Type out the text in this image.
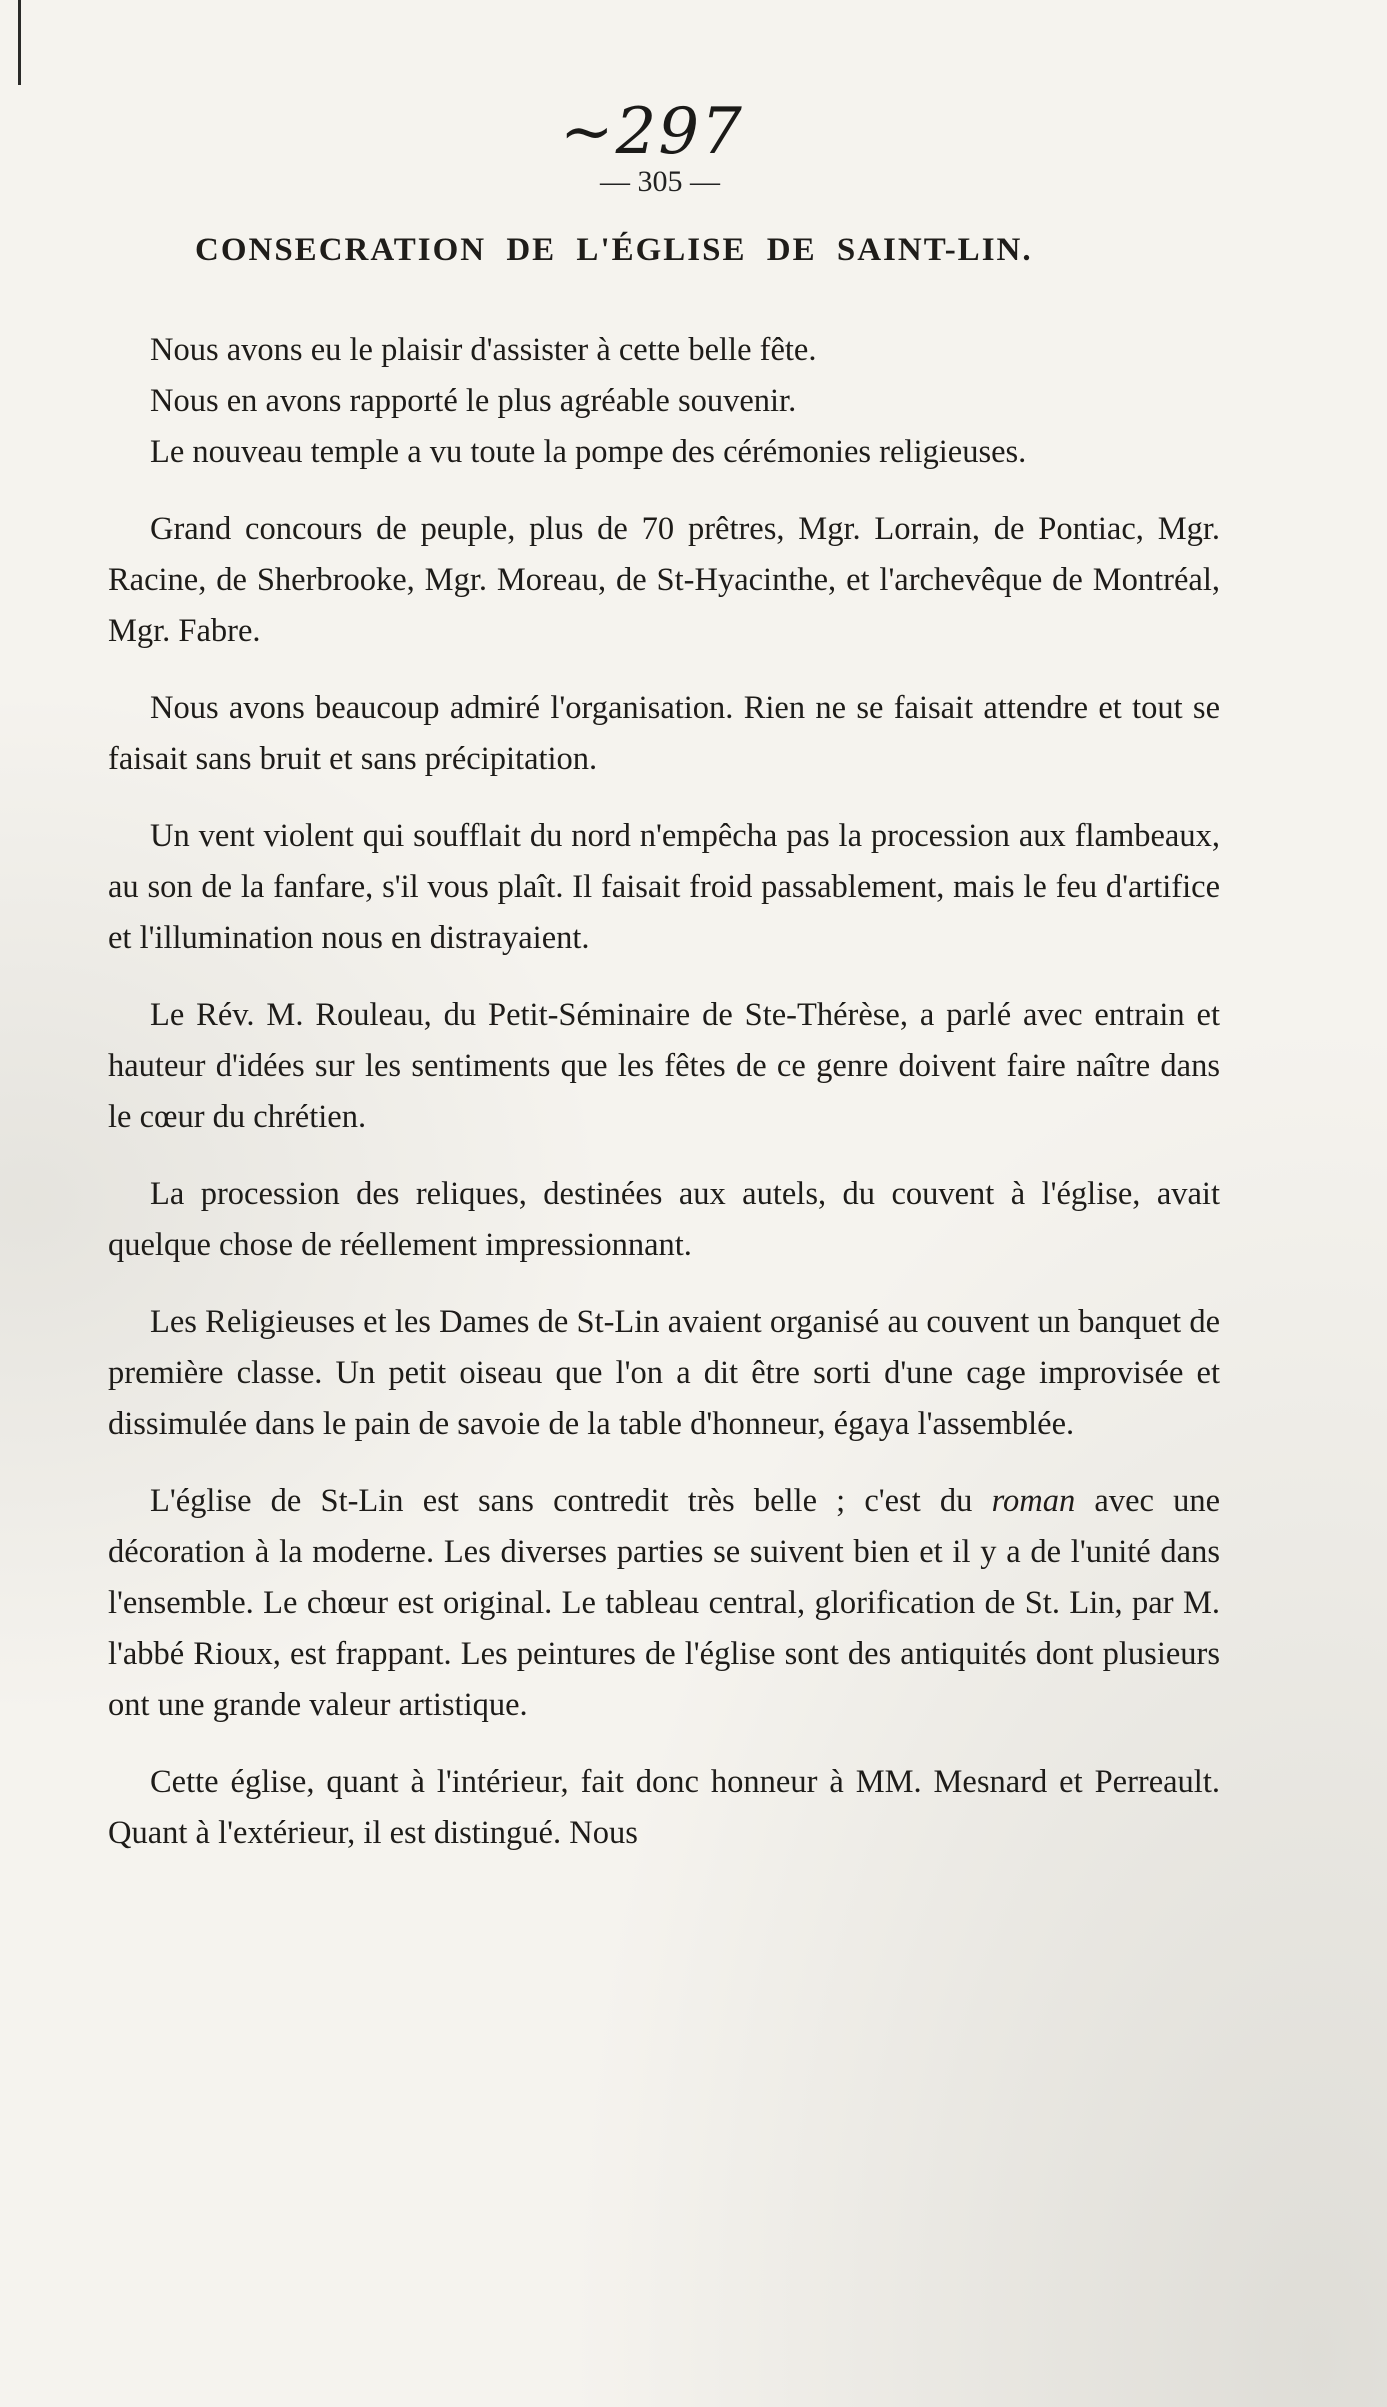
~297
— 305 —
CONSECRATION DE L'ÉGLISE DE SAINT-LIN.

Nous avons eu le plaisir d'assister à cette belle fête.

Nous en avons rapporté le plus agréable souvenir.

Le nouveau temple a vu toute la pompe des cérémonies religieuses.

Grand concours de peuple, plus de 70 prêtres, Mgr. Lorrain, de Pontiac, Mgr. Racine, de Sherbrooke, Mgr. Moreau, de St-Hyacinthe, et l'archevêque de Montréal, Mgr. Fabre.

Nous avons beaucoup admiré l'organisation. Rien ne se faisait attendre et tout se faisait sans bruit et sans précipitation.

Un vent violent qui soufflait du nord n'empêcha pas la procession aux flambeaux, au son de la fanfare, s'il vous plaît. Il faisait froid passablement, mais le feu d'artifice et l'illumination nous en distrayaient.

Le Rév. M. Rouleau, du Petit-Séminaire de Ste-Thérèse, a parlé avec entrain et hauteur d'idées sur les sentiments que les fêtes de ce genre doivent faire naître dans le cœur du chrétien.

La procession des reliques, destinées aux autels, du couvent à l'église, avait quelque chose de réellement impressionnant.

Les Religieuses et les Dames de St-Lin avaient organisé au couvent un banquet de première classe. Un petit oiseau que l'on a dit être sorti d'une cage improvisée et dissimulée dans le pain de savoie de la table d'honneur, égaya l'assemblée.

L'église de St-Lin est sans contredit très belle ; c'est du roman avec une décoration à la moderne. Les diverses parties se suivent bien et il y a de l'unité dans l'ensemble. Le chœur est original. Le tableau central, glorification de St. Lin, par M. l'abbé Rioux, est frappant. Les peintures de l'église sont des antiquités dont plusieurs ont une grande valeur artistique.

Cette église, quant à l'intérieur, fait donc honneur à MM. Mesnard et Perreault. Quant à l'extérieur, il est distingué. Nous
